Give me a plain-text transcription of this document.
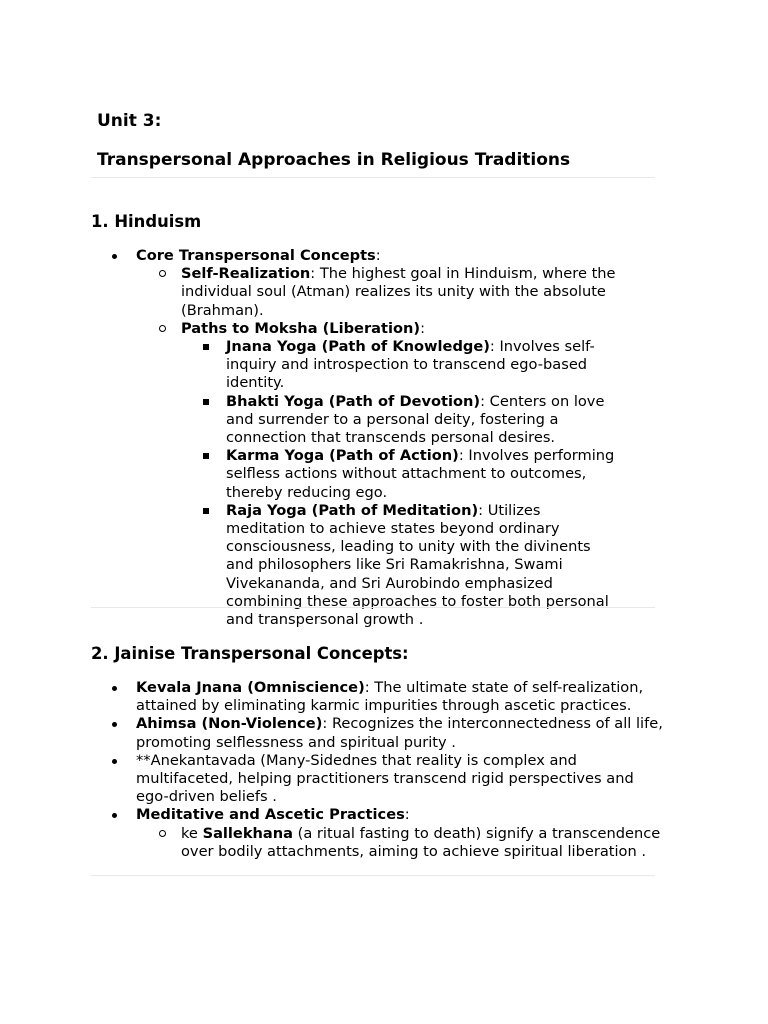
Unit 3:
Transpersonal Approaches in Religious Traditions
1. Hinduism
Core Transpersonal Concepts:
Self-Realization: The highest goal in Hinduism, where the individual soul (Atman) realizes its unity with the absolute (Brahman).
Paths to Moksha (Liberation):
Jnana Yoga (Path of Knowledge): Involves self-inquiry and introspection to transcend ego-based identity.
Bhakti Yoga (Path of Devotion): Centers on love and surrender to a personal deity, fostering a connection that transcends personal desires.
Karma Yoga (Path of Action): Involves performing selfless actions without attachment to outcomes, thereby reducing ego.
Raja Yoga (Path of Meditation): Utilizes meditation to achieve states beyond ordinary consciousness, leading to unity with the divinents and philosophers like Sri Ramakrishna, Swami Vivekananda, and Sri Aurobindo emphasized combining these approaches to foster both personal and transpersonal growth .
2. Jainise Transpersonal Concepts:
Kevala Jnana (Omniscience): The ultimate state of self-realization, attained by eliminating karmic impurities through ascetic practices.
Ahimsa (Non-Violence): Recognizes the interconnectedness of all life, promoting selflessness and spiritual purity .
**Anekantavada (Many-Sidednes that reality is complex and multifaceted, helping practitioners transcend rigid perspectives and ego-driven beliefs .
Meditative and Ascetic Practices:
ke Sallekhana (a ritual fasting to death) signify a transcendence over bodily attachments, aiming to achieve spiritual liberation .
